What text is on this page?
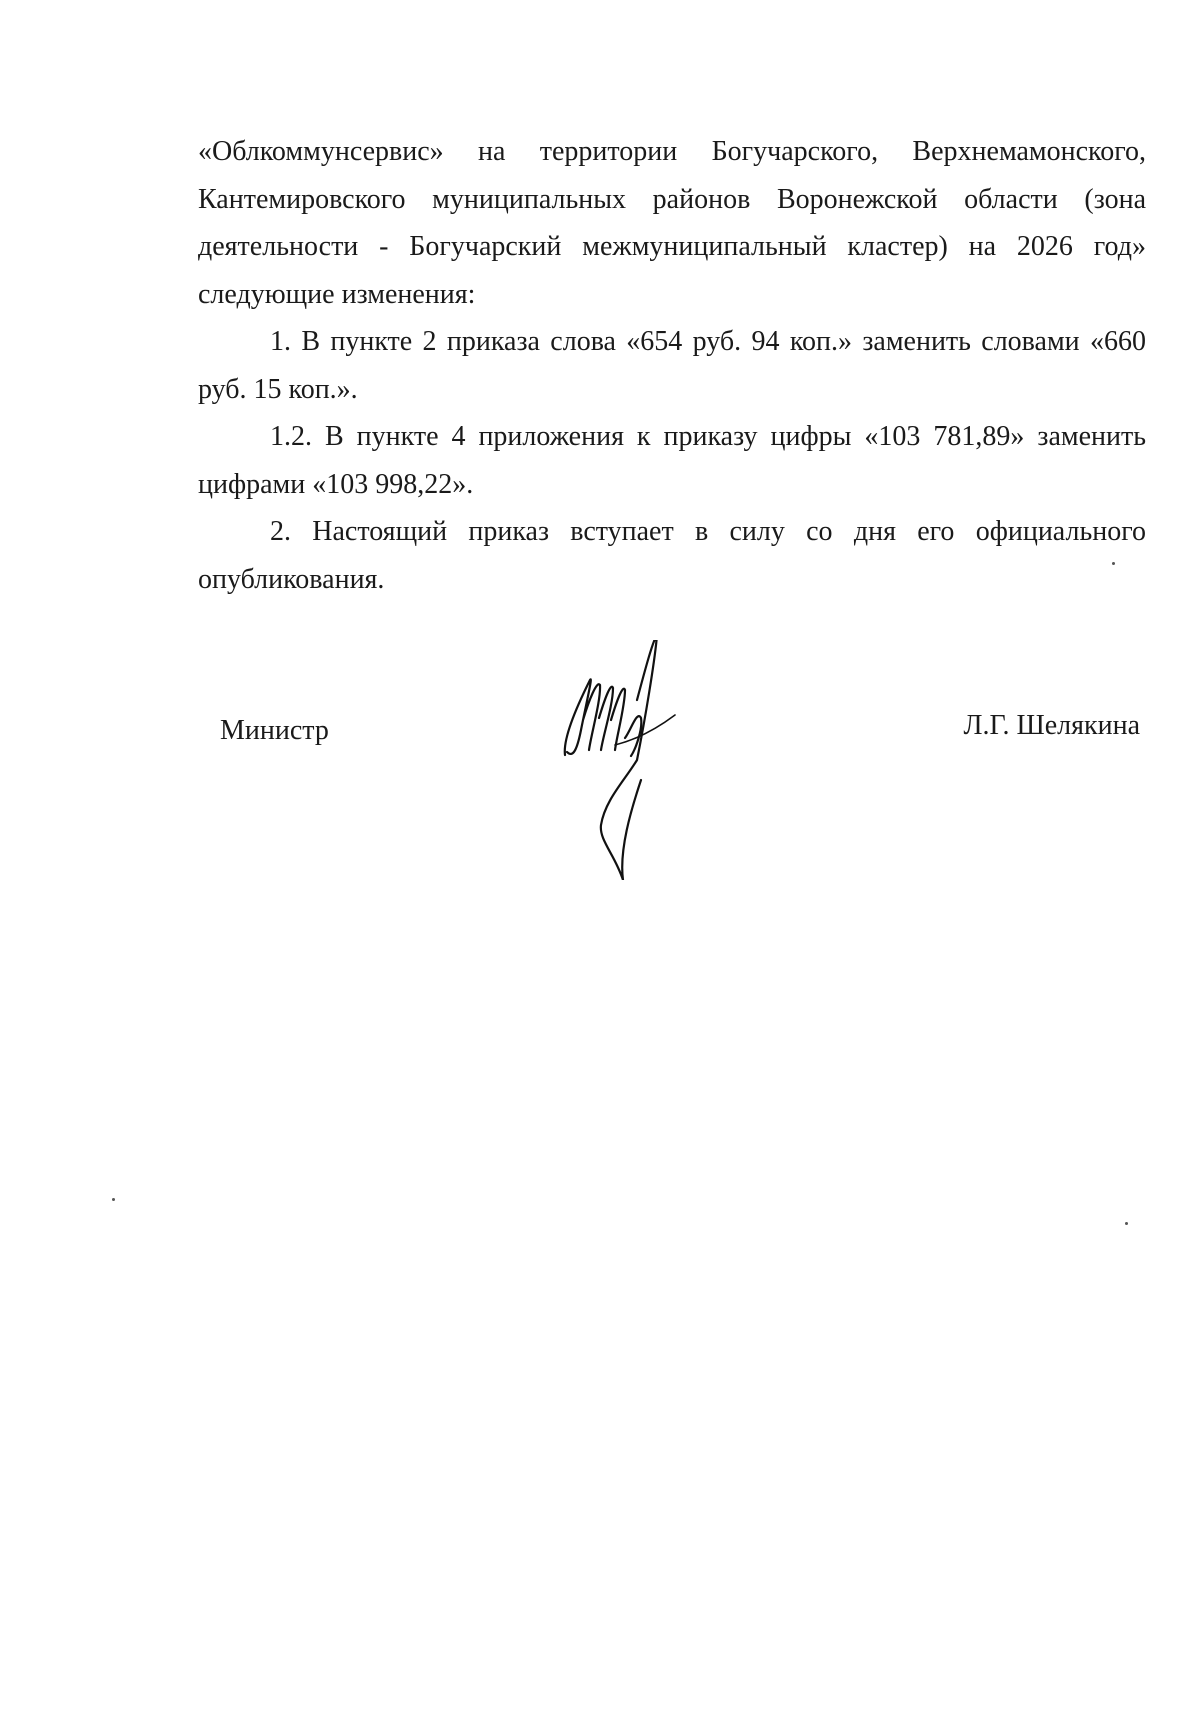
«Облкоммунсервис» на территории Богучарского, Верхнемамонского, Кантемировского муниципальных районов Воронежской области (зона деятельности - Богучарский межмуниципальный кластер) на 2026 год» следующие изменения:

1. В пункте 2 приказа слова «654 руб. 94 коп.» заменить словами «660 руб. 15 коп.».

1.2. В пункте 4 приложения к приказу цифры «103 781,89» заменить цифрами «103 998,22».

2. Настоящий приказ вступает в силу со дня его официального опубликования.

Министр	Л.Г. Шелякина
